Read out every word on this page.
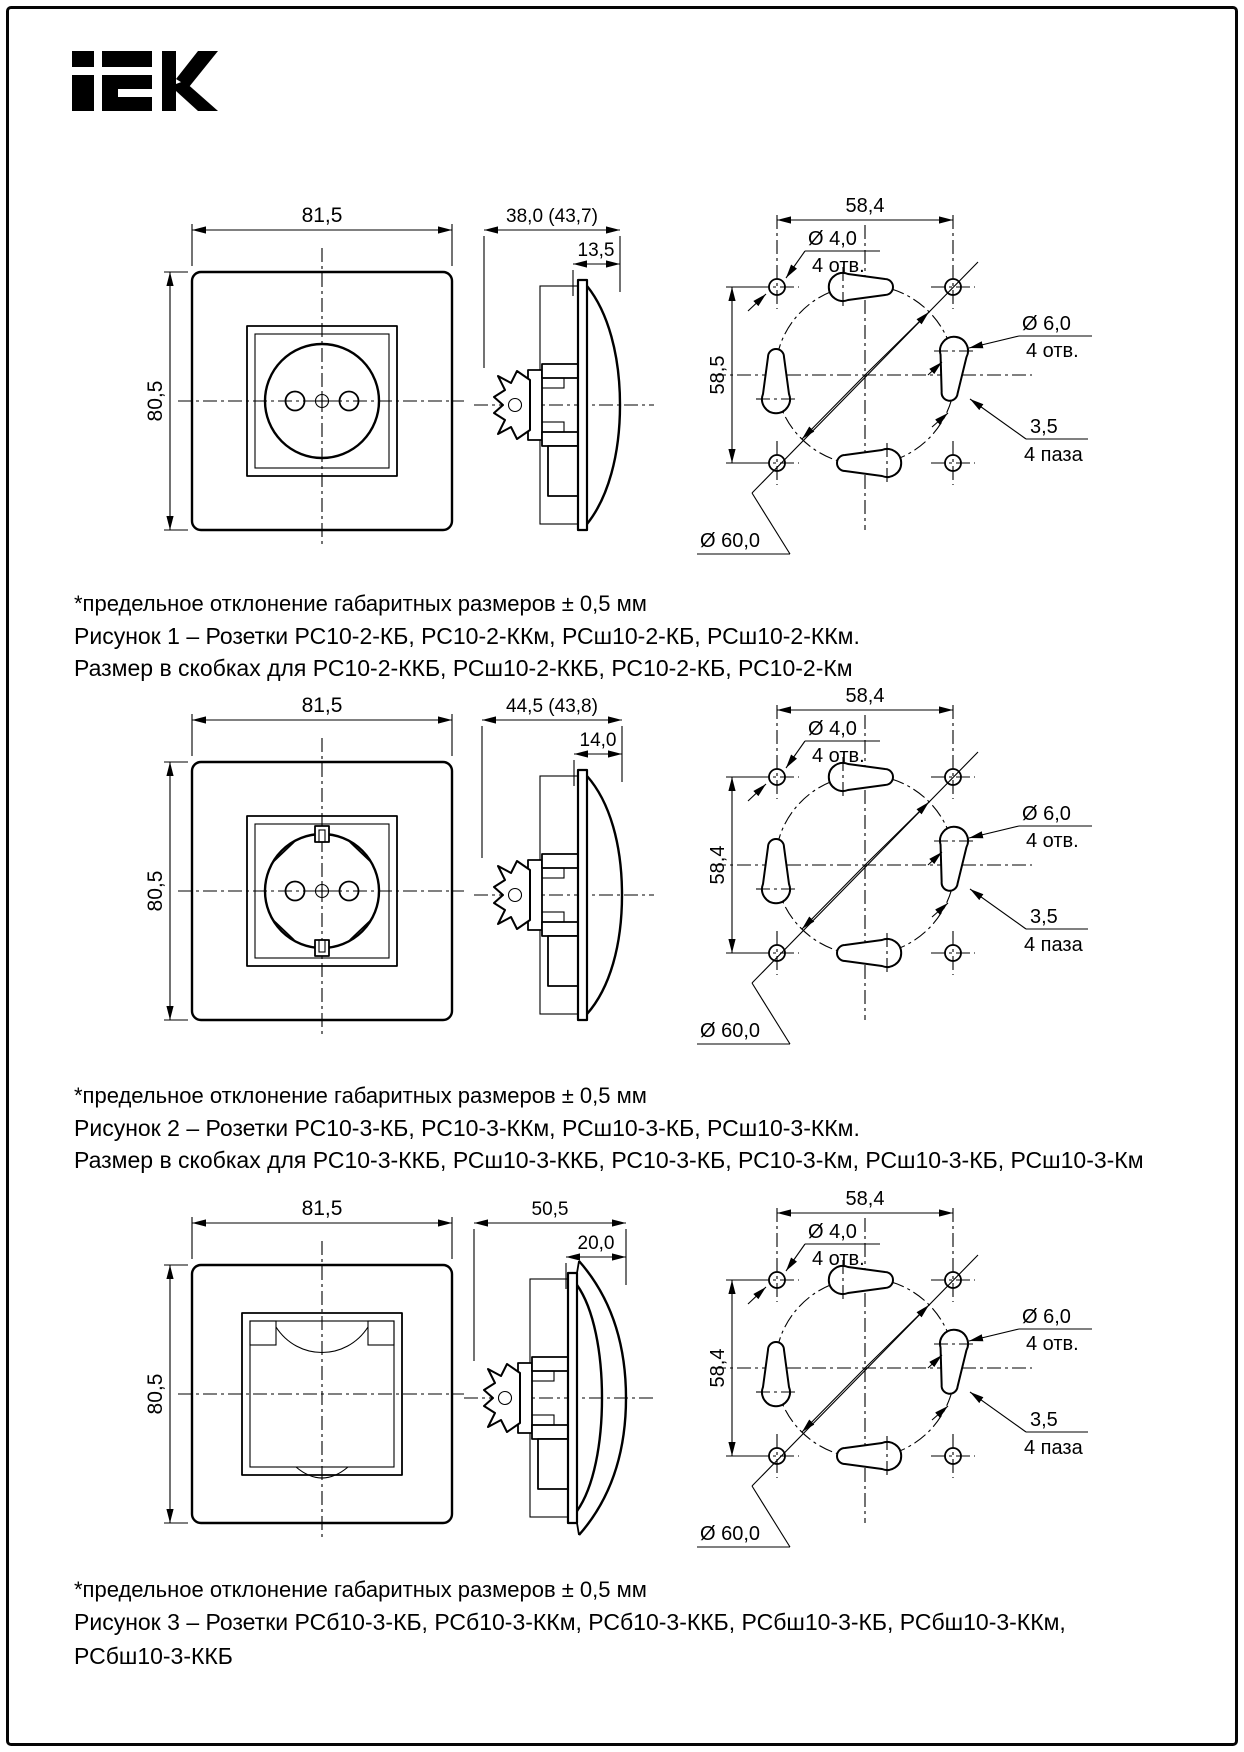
81,5
80,5
38,0 (43,7)
13,5
58,4
58,5
Ø 4,0
4 отв.
Ø 6,0
4 отв.
3,5
4 паза
Ø 60,0
*предельное отклонение габаритных размеров ± 0,5 мм
Рисунок 1 – Розетки РС10-2-КБ, РС10-2-ККм, РСш10-2-КБ, РСш10-2-ККм.
Размер в скобках для РС10-2-ККБ, РСш10-2-ККБ, РС10-2-КБ, РС10-2-Км
81,5
80,5
44,5 (43,8)
14,0
58,4
58,4
Ø 4,0
4 отв.
Ø 6,0
4 отв.
3,5
4 паза
Ø 60,0
*предельное отклонение габаритных размеров ± 0,5 мм
Рисунок 2 – Розетки РС10-3-КБ, РС10-3-ККм, РСш10-3-КБ, РСш10-3-ККм.
Размер в скобках для РС10-3-ККБ, РСш10-3-ККБ, РС10-3-КБ, РС10-3-Км, РСш10-3-КБ, РСш10-3-Км
81,5
80,5
50,5
20,0
58,4
58,4
Ø 4,0
4 отв.
Ø 6,0
4 отв.
3,5
4 паза
Ø 60,0
*предельное отклонение габаритных размеров ± 0,5 мм
Рисунок 3 – Розетки РСб10-3-КБ, РСб10-3-ККм, РСб10-3-ККБ, РСбш10-3-КБ, РСбш10-3-ККм,
РСбш10-3-ККБ
